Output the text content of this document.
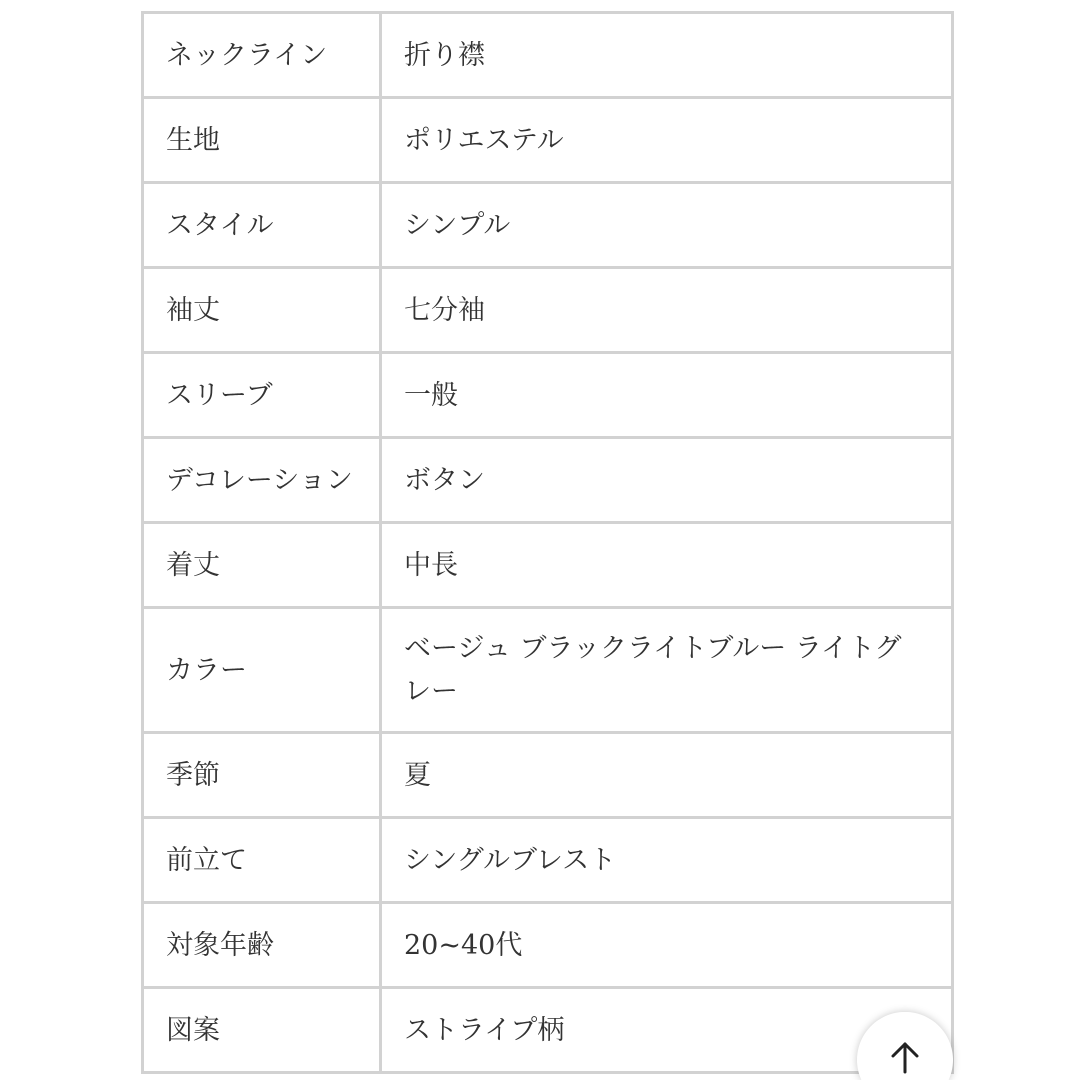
ネックライン	折り襟
生地	ポリエステル
スタイル	シンプル
袖丈	七分袖
スリーブ	一般
デコレーション	ボタン
着丈	中長
カラー	ベージュ ブラックライトブルー ライトグレー
季節	夏
前立て	シングルブレスト
対象年齢	20~40代
図案	ストライプ柄
